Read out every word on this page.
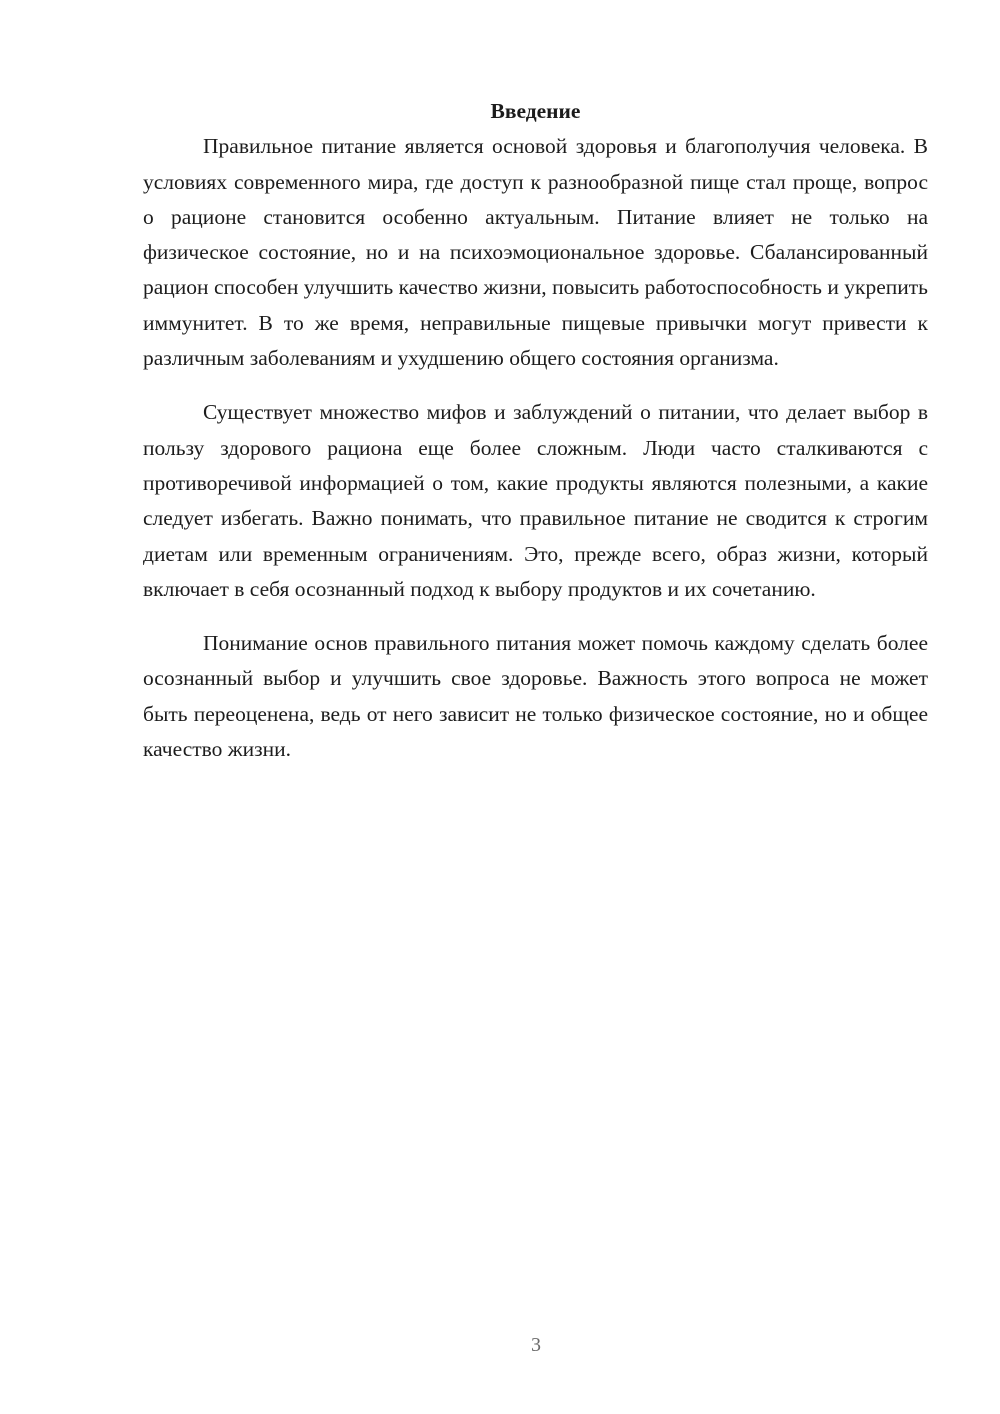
Введение

Правильное питание является основой здоровья и благополучия человека. В условиях современного мира, где доступ к разнообразной пище стал проще, вопрос о рационе становится особенно актуальным. Питание влияет не только на физическое состояние, но и на психоэмоциональное здоровье. Сбалансированный рацион способен улучшить качество жизни, повысить работоспособность и укрепить иммунитет. В то же время, неправильные пищевые привычки могут привести к различным заболеваниям и ухудшению общего состояния организма.

Существует множество мифов и заблуждений о питании, что делает выбор в пользу здорового рациона еще более сложным. Люди часто сталкиваются с противоречивой информацией о том, какие продукты являются полезными, а какие следует избегать. Важно понимать, что правильное питание не сводится к строгим диетам или временным ограничениям. Это, прежде всего, образ жизни, который включает в себя осознанный подход к выбору продуктов и их сочетанию.

Понимание основ правильного питания может помочь каждому сделать более осознанный выбор и улучшить свое здоровье. Важность этого вопроса не может быть переоценена, ведь от него зависит не только физическое состояние, но и общее качество жизни.

3
